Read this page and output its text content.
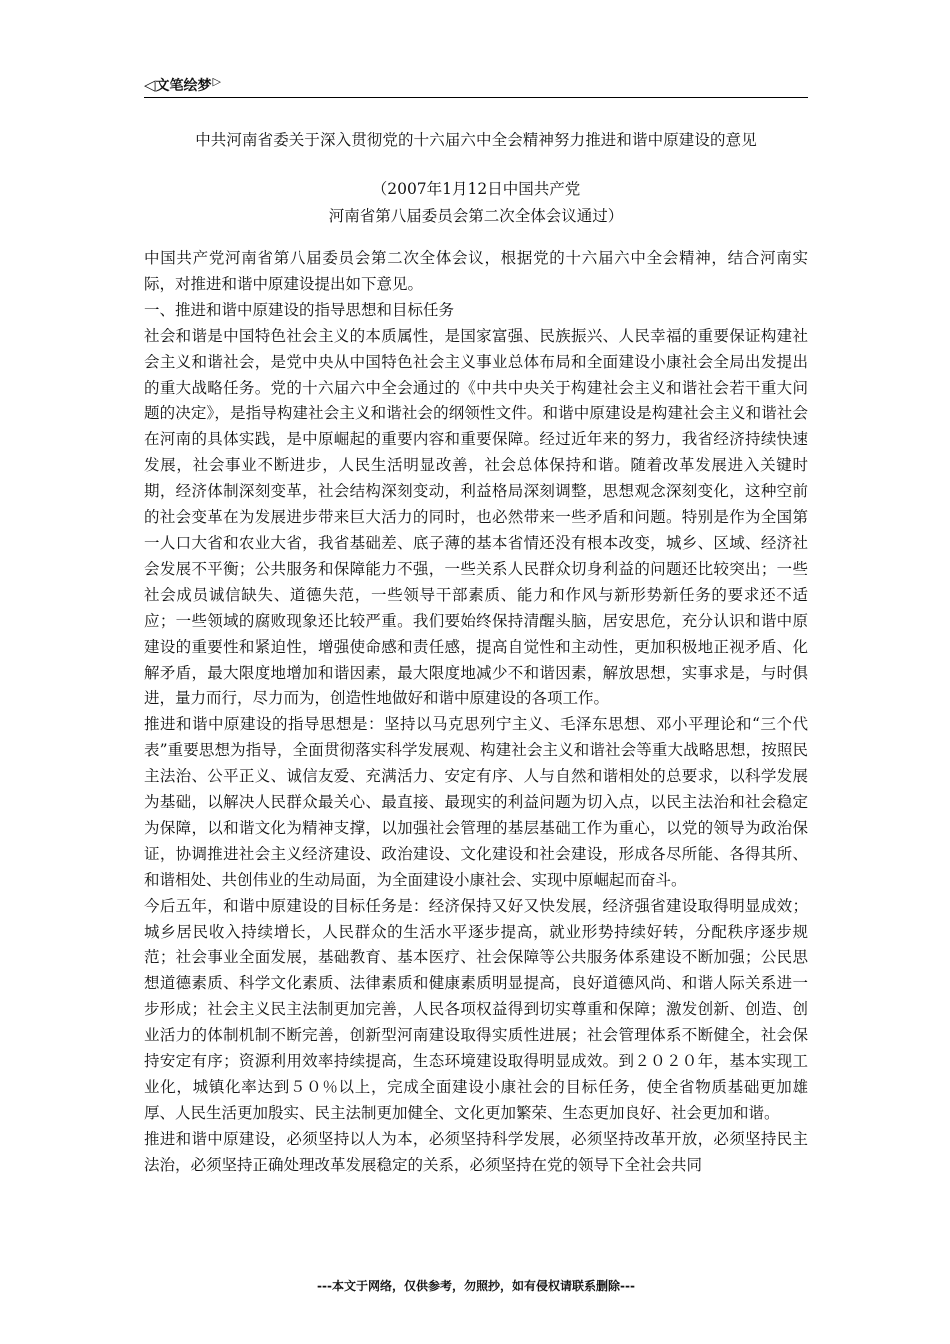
◁ 文笔绘梦 ▷
中共河南省委关于深入贯彻党的十六届六中全会精神努力推进和谐中原建设的意见
（2007年1月12日中国共产党
河南省第八届委员会第二次全体会议通过）

中国共产党河南省第八届委员会第二次全体会议，根据党的十六届六中全会精神，结合河南实际，对推进和谐中原建设提出如下意见。

一、推进和谐中原建设的指导思想和目标任务

社会和谐是中国特色社会主义的本质属性，是国家富强、民族振兴、人民幸福的重要保证构建社会主义和谐社会，是党中央从中国特色社会主义事业总体布局和全面建设小康社会全局出发提出的重大战略任务。党的十六届六中全会通过的《中共中央关于构建社会主义和谐社会若干重大问题的决定》，是指导构建社会主义和谐社会的纲领性文件。和谐中原建设是构建社会主义和谐社会在河南的具体实践，是中原崛起的重要内容和重要保障。经过近年来的努力，我省经济持续快速发展，社会事业不断进步，人民生活明显改善，社会总体保持和谐。随着改革发展进入关键时期，经济体制深刻变革，社会结构深刻变动，利益格局深刻调整，思想观念深刻变化，这种空前的社会变革在为发展进步带来巨大活力的同时，也必然带来一些矛盾和问题。特别是作为全国第一人口大省和农业大省，我省基础差、底子薄的基本省情还没有根本改变，城乡、区域、经济社会发展不平衡；公共服务和保障能力不强，一些关系人民群众切身利益的问题还比较突出；一些社会成员诚信缺失、道德失范，一些领导干部素质、能力和作风与新形势新任务的要求还不适应；一些领域的腐败现象还比较严重。我们要始终保持清醒头脑，居安思危，充分认识和谐中原建设的重要性和紧迫性，增强使命感和责任感，提高自觉性和主动性，更加积极地正视矛盾、化解矛盾，最大限度地增加和谐因素，最大限度地减少不和谐因素，解放思想，实事求是，与时俱进，量力而行，尽力而为，创造性地做好和谐中原建设的各项工作。

推进和谐中原建设的指导思想是：坚持以马克思列宁主义、毛泽东思想、邓小平理论和“三个代表”重要思想为指导，全面贯彻落实科学发展观、构建社会主义和谐社会等重大战略思想，按照民主法治、公平正义、诚信友爱、充满活力、安定有序、人与自然和谐相处的总要求，以科学发展为基础，以解决人民群众最关心、最直接、最现实的利益问题为切入点，以民主法治和社会稳定为保障，以和谐文化为精神支撑，以加强社会管理的基层基础工作为重心，以党的领导为政治保证，协调推进社会主义经济建设、政治建设、文化建设和社会建设，形成各尽所能、各得其所、和谐相处、共创伟业的生动局面，为全面建设小康社会、实现中原崛起而奋斗。

今后五年，和谐中原建设的目标任务是：经济保持又好又快发展，经济强省建设取得明显成效；城乡居民收入持续增长，人民群众的生活水平逐步提高，就业形势持续好转，分配秩序逐步规范；社会事业全面发展，基础教育、基本医疗、社会保障等公共服务体系建设不断加强；公民思想道德素质、科学文化素质、法律素质和健康素质明显提高，良好道德风尚、和谐人际关系进一步形成；社会主义民主法制更加完善，人民各项权益得到切实尊重和保障；激发创新、创造、创业活力的体制机制不断完善，创新型河南建设取得实质性进展；社会管理体系不断健全，社会保持安定有序；资源利用效率持续提高，生态环境建设取得明显成效。到２０２０年，基本实现工业化，城镇化率达到５０％以上，完成全面建设小康社会的目标任务，使全省物质基础更加雄厚、人民生活更加殷实、民主法制更加健全、文化更加繁荣、生态更加良好、社会更加和谐。

推进和谐中原建设，必须坚持以人为本，必须坚持科学发展，必须坚持改革开放，必须坚持民主法治，必须坚持正确处理改革发展稳定的关系，必须坚持在党的领导下全社会共同

---本文于网络，仅供参考，勿照抄，如有侵权请联系删除---
